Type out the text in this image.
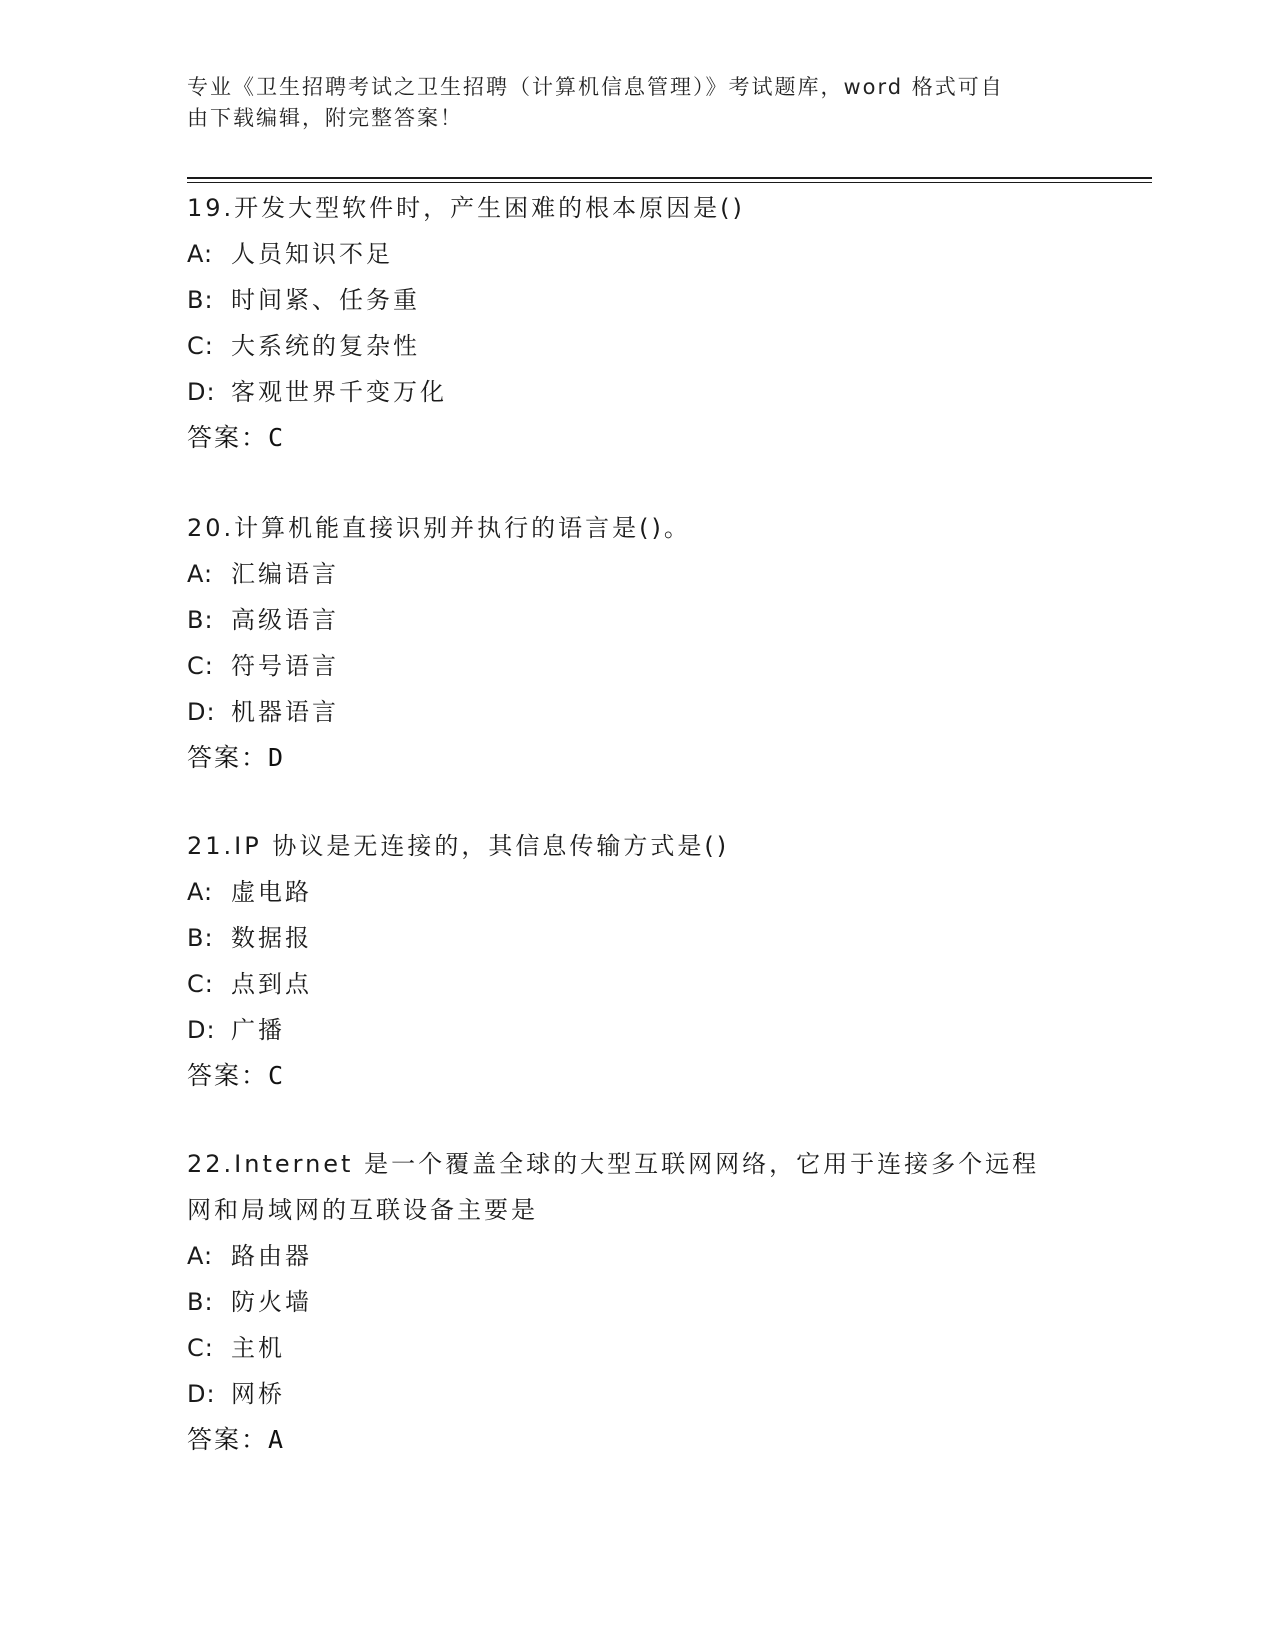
专业《卫生招聘考试之卫生招聘（计算机信息管理）》考试题库，word 格式可自
由下载编辑，附完整答案！
19.开发大型软件时，产生困难的根本原因是()
A: 人员知识不足
B: 时间紧、任务重
C: 大系统的复杂性
D: 客观世界千变万化
答案：C
20.计算机能直接识别并执行的语言是()。
A: 汇编语言
B: 高级语言
C: 符号语言
D: 机器语言
答案：D
21.IP 协议是无连接的，其信息传输方式是()
A: 虚电路
B: 数据报
C: 点到点
D: 广播
答案：C
22.Internet 是一个覆盖全球的大型互联网网络，它用于连接多个远程
网和局域网的互联设备主要是
A: 路由器
B: 防火墙
C: 主机
D: 网桥
答案：A
